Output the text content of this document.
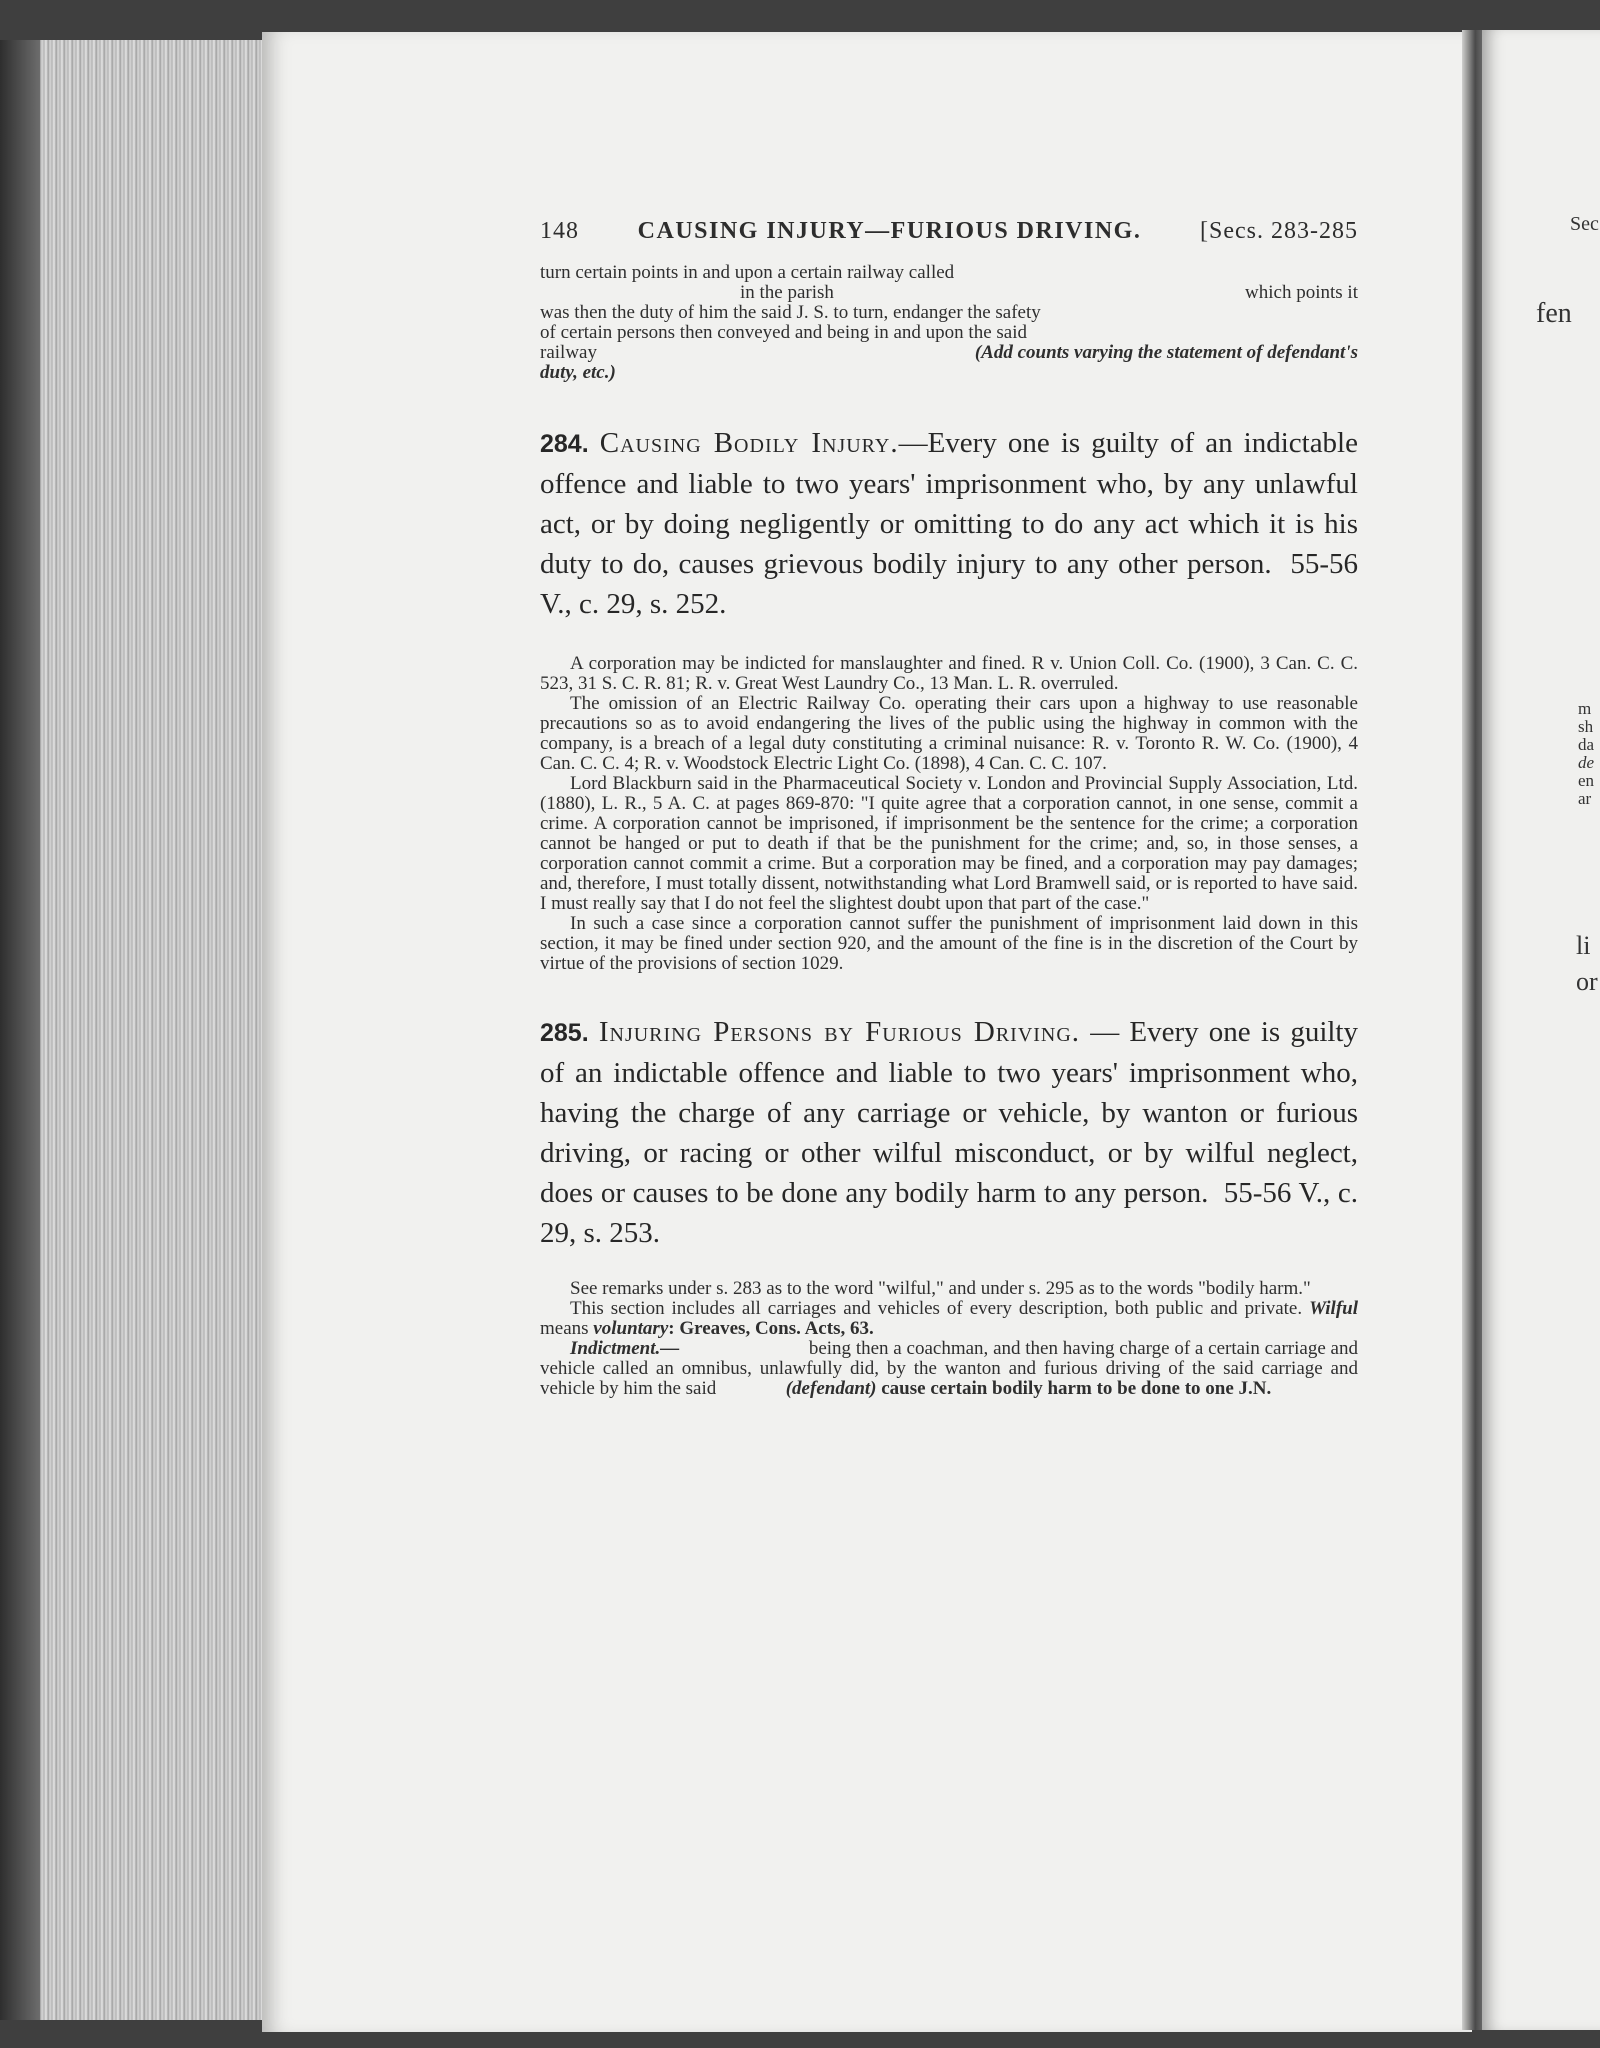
Sec
fen
m
sh
da
de
en
ar
li
or
148 CAUSING INJURY—FURIOUS DRIVING. [Secs. 283-285
turn certain points in and upon a certain railway called
in the parish	which points it
was then the duty of him the said J. S. to turn, endanger the safety
of certain persons then conveyed and being in and upon the said
railway	(Add counts varying the statement of defendant's
duty, etc.)
284. Causing Bodily Injury.—Every one is guilty of an indictable offence and liable to two years' imprisonment who, by any unlawful act, or by doing negligently or omitting to do any act which it is his duty to do, causes grievous bodily injury to any other person. 55-56 V., c. 29, s. 252.

A corporation may be indicted for manslaughter and fined. R v. Union Coll. Co. (1900), 3 Can. C. C. 523, 31 S. C. R. 81; R. v. Great West Laundry Co., 13 Man. L. R. overruled.

The omission of an Electric Railway Co. operating their cars upon a highway to use reasonable precautions so as to avoid endangering the lives of the public using the highway in common with the company, is a breach of a legal duty constituting a criminal nuisance: R. v. Toronto R. W. Co. (1900), 4 Can. C. C. 4; R. v. Woodstock Electric Light Co. (1898), 4 Can. C. C. 107.

Lord Blackburn said in the Pharmaceutical Society v. London and Provincial Supply Association, Ltd. (1880), L. R., 5 A. C. at pages 869-870: "I quite agree that a corporation cannot, in one sense, commit a crime. A corporation cannot be imprisoned, if imprisonment be the sentence for the crime; a corporation cannot be hanged or put to death if that be the punishment for the crime; and, so, in those senses, a corporation cannot commit a crime. But a corporation may be fined, and a corporation may pay damages; and, therefore, I must totally dissent, notwithstanding what Lord Bramwell said, or is reported to have said. I must really say that I do not feel the slightest doubt upon that part of the case."

In such a case since a corporation cannot suffer the punishment of imprisonment laid down in this section, it may be fined under section 920, and the amount of the fine is in the discretion of the Court by virtue of the provisions of section 1029.

285. Injuring Persons by Furious Driving. — Every one is guilty of an indictable offence and liable to two years' imprisonment who, having the charge of any carriage or vehicle, by wanton or furious driving, or racing or other wilful misconduct, or by wilful neglect, does or causes to be done any bodily harm to any person. 55-56 V., c. 29, s. 253.

See remarks under s. 283 as to the word "wilful," and under s. 295 as to the words "bodily harm."

This section includes all carriages and vehicles of every description, both public and private. Wilful means voluntary: Greaves, Cons. Acts, 63.

Indictment.—	being then a coachman, and then having charge of a certain carriage and vehicle called an omnibus, unlawfully did, by the wanton and furious driving of the said carriage and vehicle by him the said	(defendant) cause certain bodily harm to be done to one J.N.
